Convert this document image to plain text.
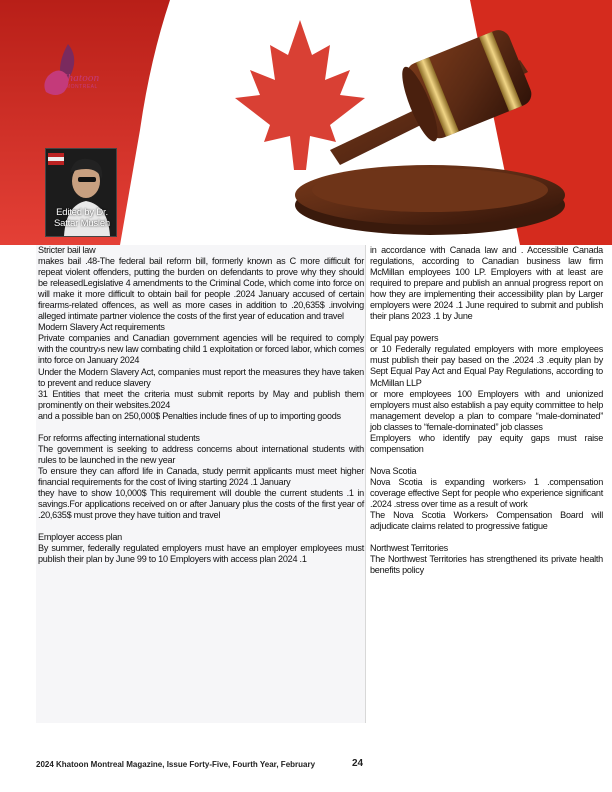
Khatoon
MONTREAL
Edited by Dr.
Sattar Musleh

Stricter bail law

makes bail .48-The federal bail reform bill, formerly known as C more difficult for repeat violent offenders, putting the burden on defendants to prove why they should be releasedLegislative 4 amendments to the Criminal Code, which come into force on will make it more difficult to obtain bail for people .2024 January accused of certain firearms-related offences, as well as more cases in addition to .20,635$ .involving alleged intimate partner violence the costs of the first year of education and travel

Modern Slavery Act requirements

Private companies and Canadian government agencies will be required to comply with the country›s new law combating child 1 exploitation or forced labor, which comes into force on January 2024

Under the Modern Slavery Act, companies must report the measures they have taken to prevent and reduce slavery

31 Entities that meet the criteria must submit reports by May and publish them prominently on their websites.2024

and a possible ban on 250,000$ Penalties include fines of up to importing goods

For reforms affecting international students

The government is seeking to address concerns about international students with rules to be launched in the new year

To ensure they can afford life in Canada, study permit applicants must meet higher financial requirements for the cost of living starting 2024 .1 January

they have to show 10,000$ This requirement will double the current students .1 in savings.For applications received on or after January plus the costs of the first year of .20,635$ must prove they have tuition and travel

Employer access plan

By summer, federally regulated employers must have an employer employees must publish their plan by June 99 to 10 Employers with access plan 2024 .1

in accordance with Canada law and . Accessible Canada regulations, according to Canadian business law firm McMillan employees 100 LP. Employers with at least are required to prepare and publish an annual progress report on how they are implementing their accessibility plan by Larger employers were 2024 .1 June required to submit and publish their plans 2023 .1 by June

Equal pay powers

or 10 Federally regulated employers with more employees must publish their pay based on the .2024 .3 .equity plan by Sept Equal Pay Act and Equal Pay Regulations, according to McMillan LLP

or more employees 100 Employers with and unionized employers must also establish a pay equity committee to help management develop a plan to compare “male-dominated” job classes to “female-dominated” job classes

Employers who identify pay equity gaps must raise compensation

Nova Scotia

Nova Scotia is expanding workers› 1 .compensation coverage effective Sept for people who experience significant .2024 .stress over time as a result of work

The Nova Scotia Workers› Compensation Board will adjudicate claims related to progressive fatigue

Northwest Territories

The Northwest Territories has strengthened its private health benefits policy

2024 Khatoon Montreal Magazine, Issue Forty-Five, Fourth Year, February	24
